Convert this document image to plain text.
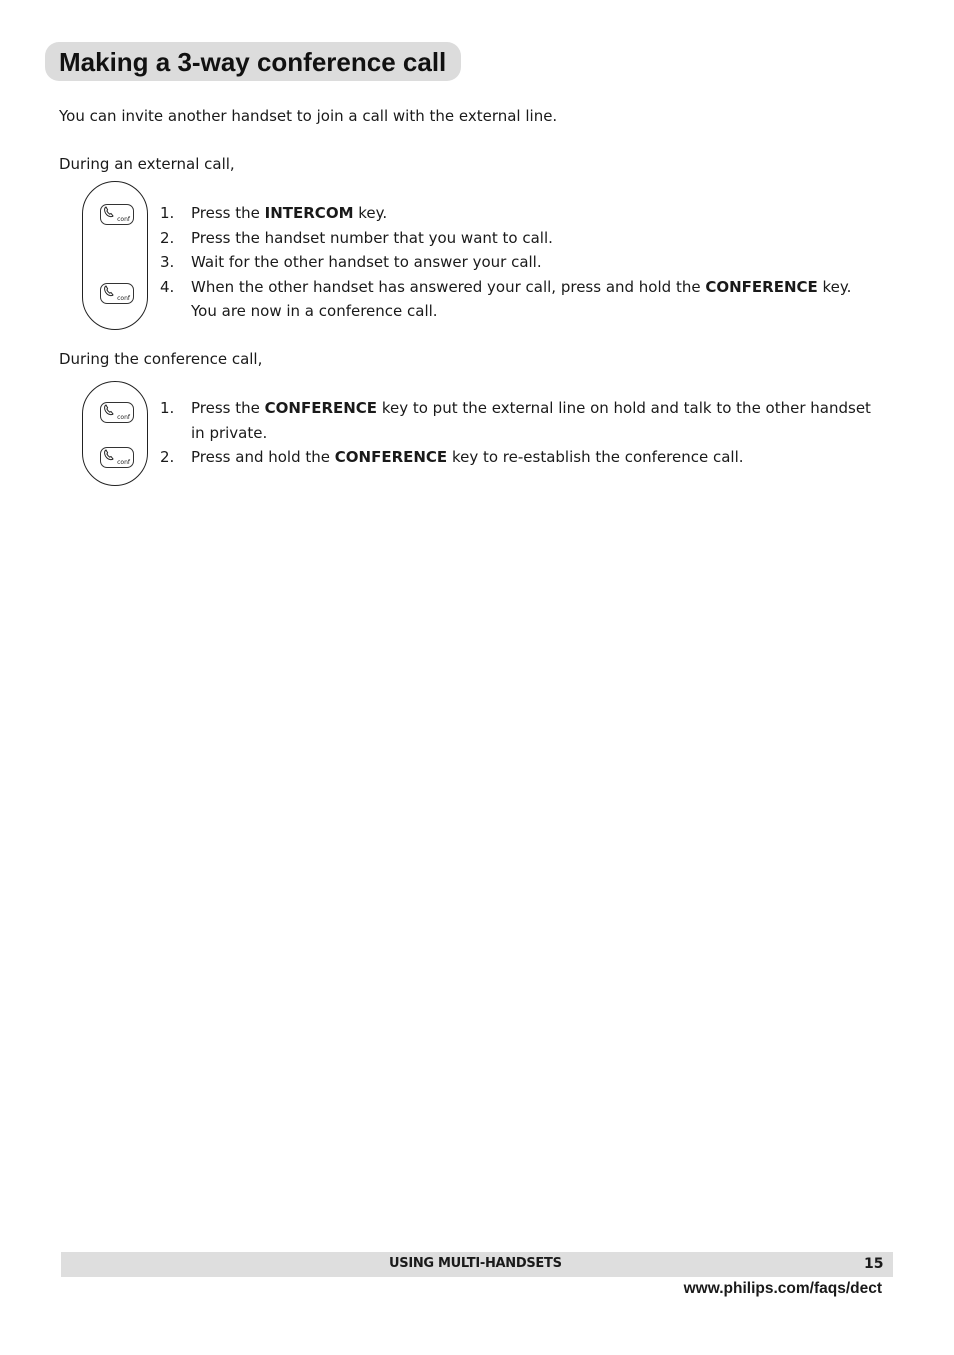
Making a 3-way conference call

You can invite another handset to join a call with the external line.

During an external call,

conf
conf
1. Press the INTERCOM key.
2. Press the handset number that you want to call.
3. Wait for the other handset to answer your call.
4. When the other handset has answered your call, press and hold the CONFERENCE key.
You are now in a conference call.

During the conference call,

conf
conf
1. Press the CONFERENCE key to put the external line on hold and talk to the other handset
in private.
2. Press and hold the CONFERENCE key to re-establish the conference call.

USING MULTI-HANDSETS	15

www.philips.com/faqs/dect
